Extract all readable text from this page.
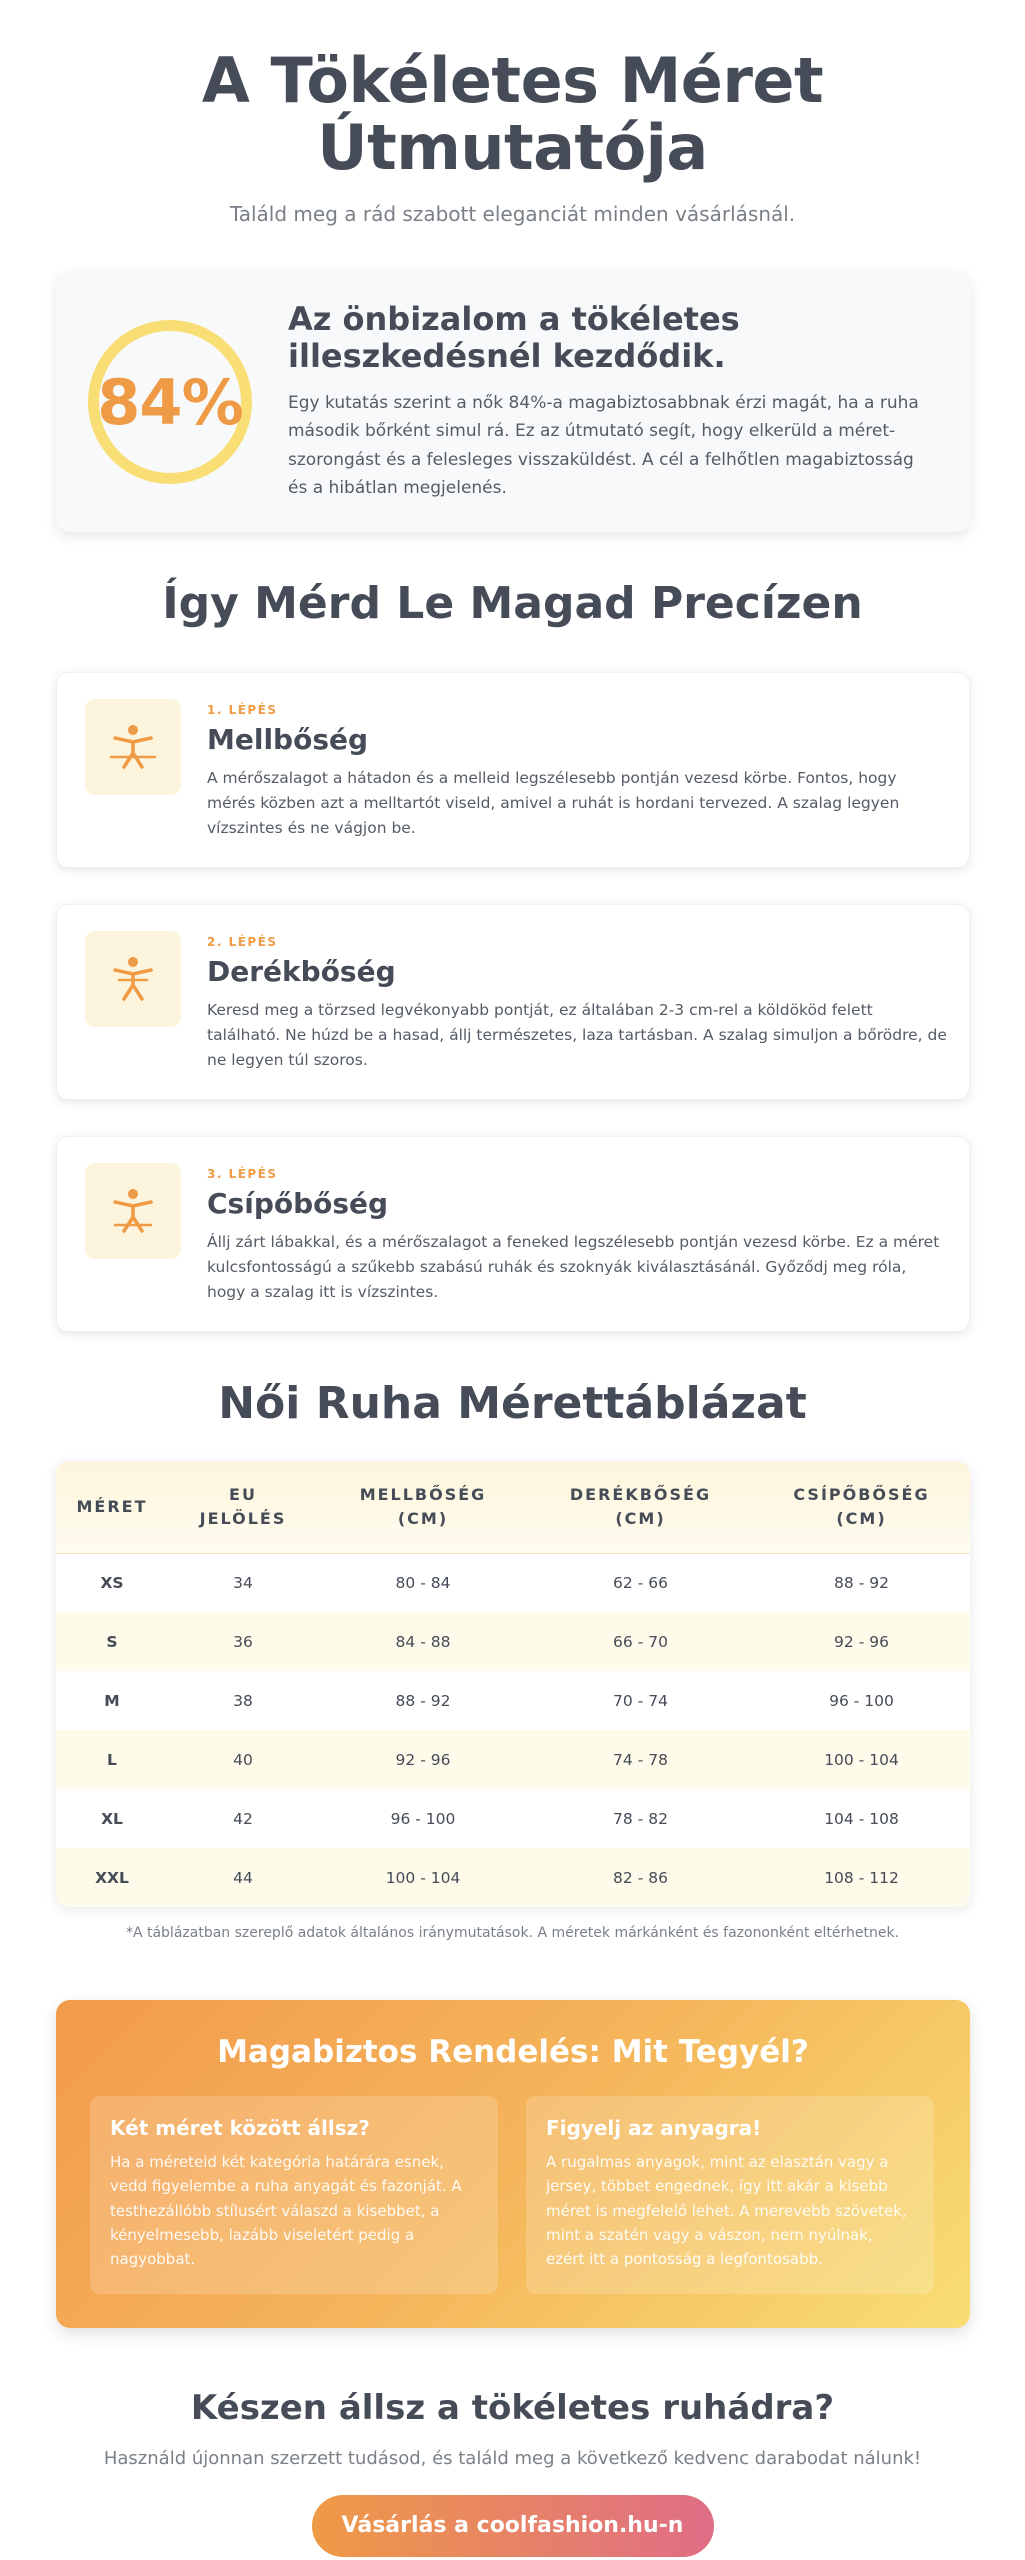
A Tökéletes Méret Útmutatója

Találd meg a rád szabott eleganciát minden vásárlásnál.

84%
Az önbizalom a tökéletes illeszkedésnél kezdődik.

Egy kutatás szerint a nők 84%-a magabiztosabbnak érzi magát, ha a ruha második bőrként simul rá. Ez az útmutató segít, hogy elkerüld a méret-szorongást és a felesleges visszaküldést. A cél a felhőtlen magabiztosság és a hibátlan megjelenés.

Így Mérd Le Magad Precízen
1. LÉPÉS
Mellbőség

A mérőszalagot a hátadon és a melleid legszélesebb pontján vezesd körbe. Fontos, hogy mérés közben azt a melltartót viseld, amivel a ruhát is hordani tervezed. A szalag legyen vízszintes és ne vágjon be.

2. LÉPÉS
Derékbőség

Keresd meg a törzsed legvékonyabb pontját, ez általában 2-3 cm-rel a köldököd felett található. Ne húzd be a hasad, állj természetes, laza tartásban. A szalag simuljon a bőrödre, de ne legyen túl szoros.

3. LÉPÉS
Csípőbőség

Állj zárt lábakkal, és a mérőszalagot a feneked legszélesebb pontján vezesd körbe. Ez a méret kulcsfontosságú a szűkebb szabású ruhák és szoknyák kiválasztásánál. Győződj meg róla, hogy a szalag itt is vízszintes.

Női Ruha Mérettáblázat
MÉRET	EU JELÖLÉS	MELLBŐSÉG (CM)	DERÉKBŐSÉG (CM)	CSÍPŐBŐSÉG (CM)
XS	34	80 - 84	62 - 66	88 - 92
S	36	84 - 88	66 - 70	92 - 96
M	38	88 - 92	70 - 74	96 - 100
L	40	92 - 96	74 - 78	100 - 104
XL	42	96 - 100	78 - 82	104 - 108
XXL	44	100 - 104	82 - 86	108 - 112

*A táblázatban szereplő adatok általános iránymutatások. A méretek márkánként és fazononként eltérhetnek.

Magabiztos Rendelés: Mit Tegyél?
Két méret között állsz?

Ha a méreteid két kategória határára esnek, vedd figyelembe a ruha anyagát és fazonját. A testhezállóbb stílusért válaszd a kisebbet, a kényelmesebb, lazább viseletért pedig a nagyobbat.

Figyelj az anyagra!

A rugalmas anyagok, mint az elasztán vagy a jersey, többet engednek, így itt akár a kisebb méret is megfelelő lehet. A merevebb szövetek, mint a szatén vagy a vászon, nem nyúlnak, ezért itt a pontosság a legfontosabb.

Készen állsz a tökéletes ruhádra?

Használd újonnan szerzett tudásod, és találd meg a következő kedvenc darabodat nálunk!

Vásárlás a coolfashion.hu-n
